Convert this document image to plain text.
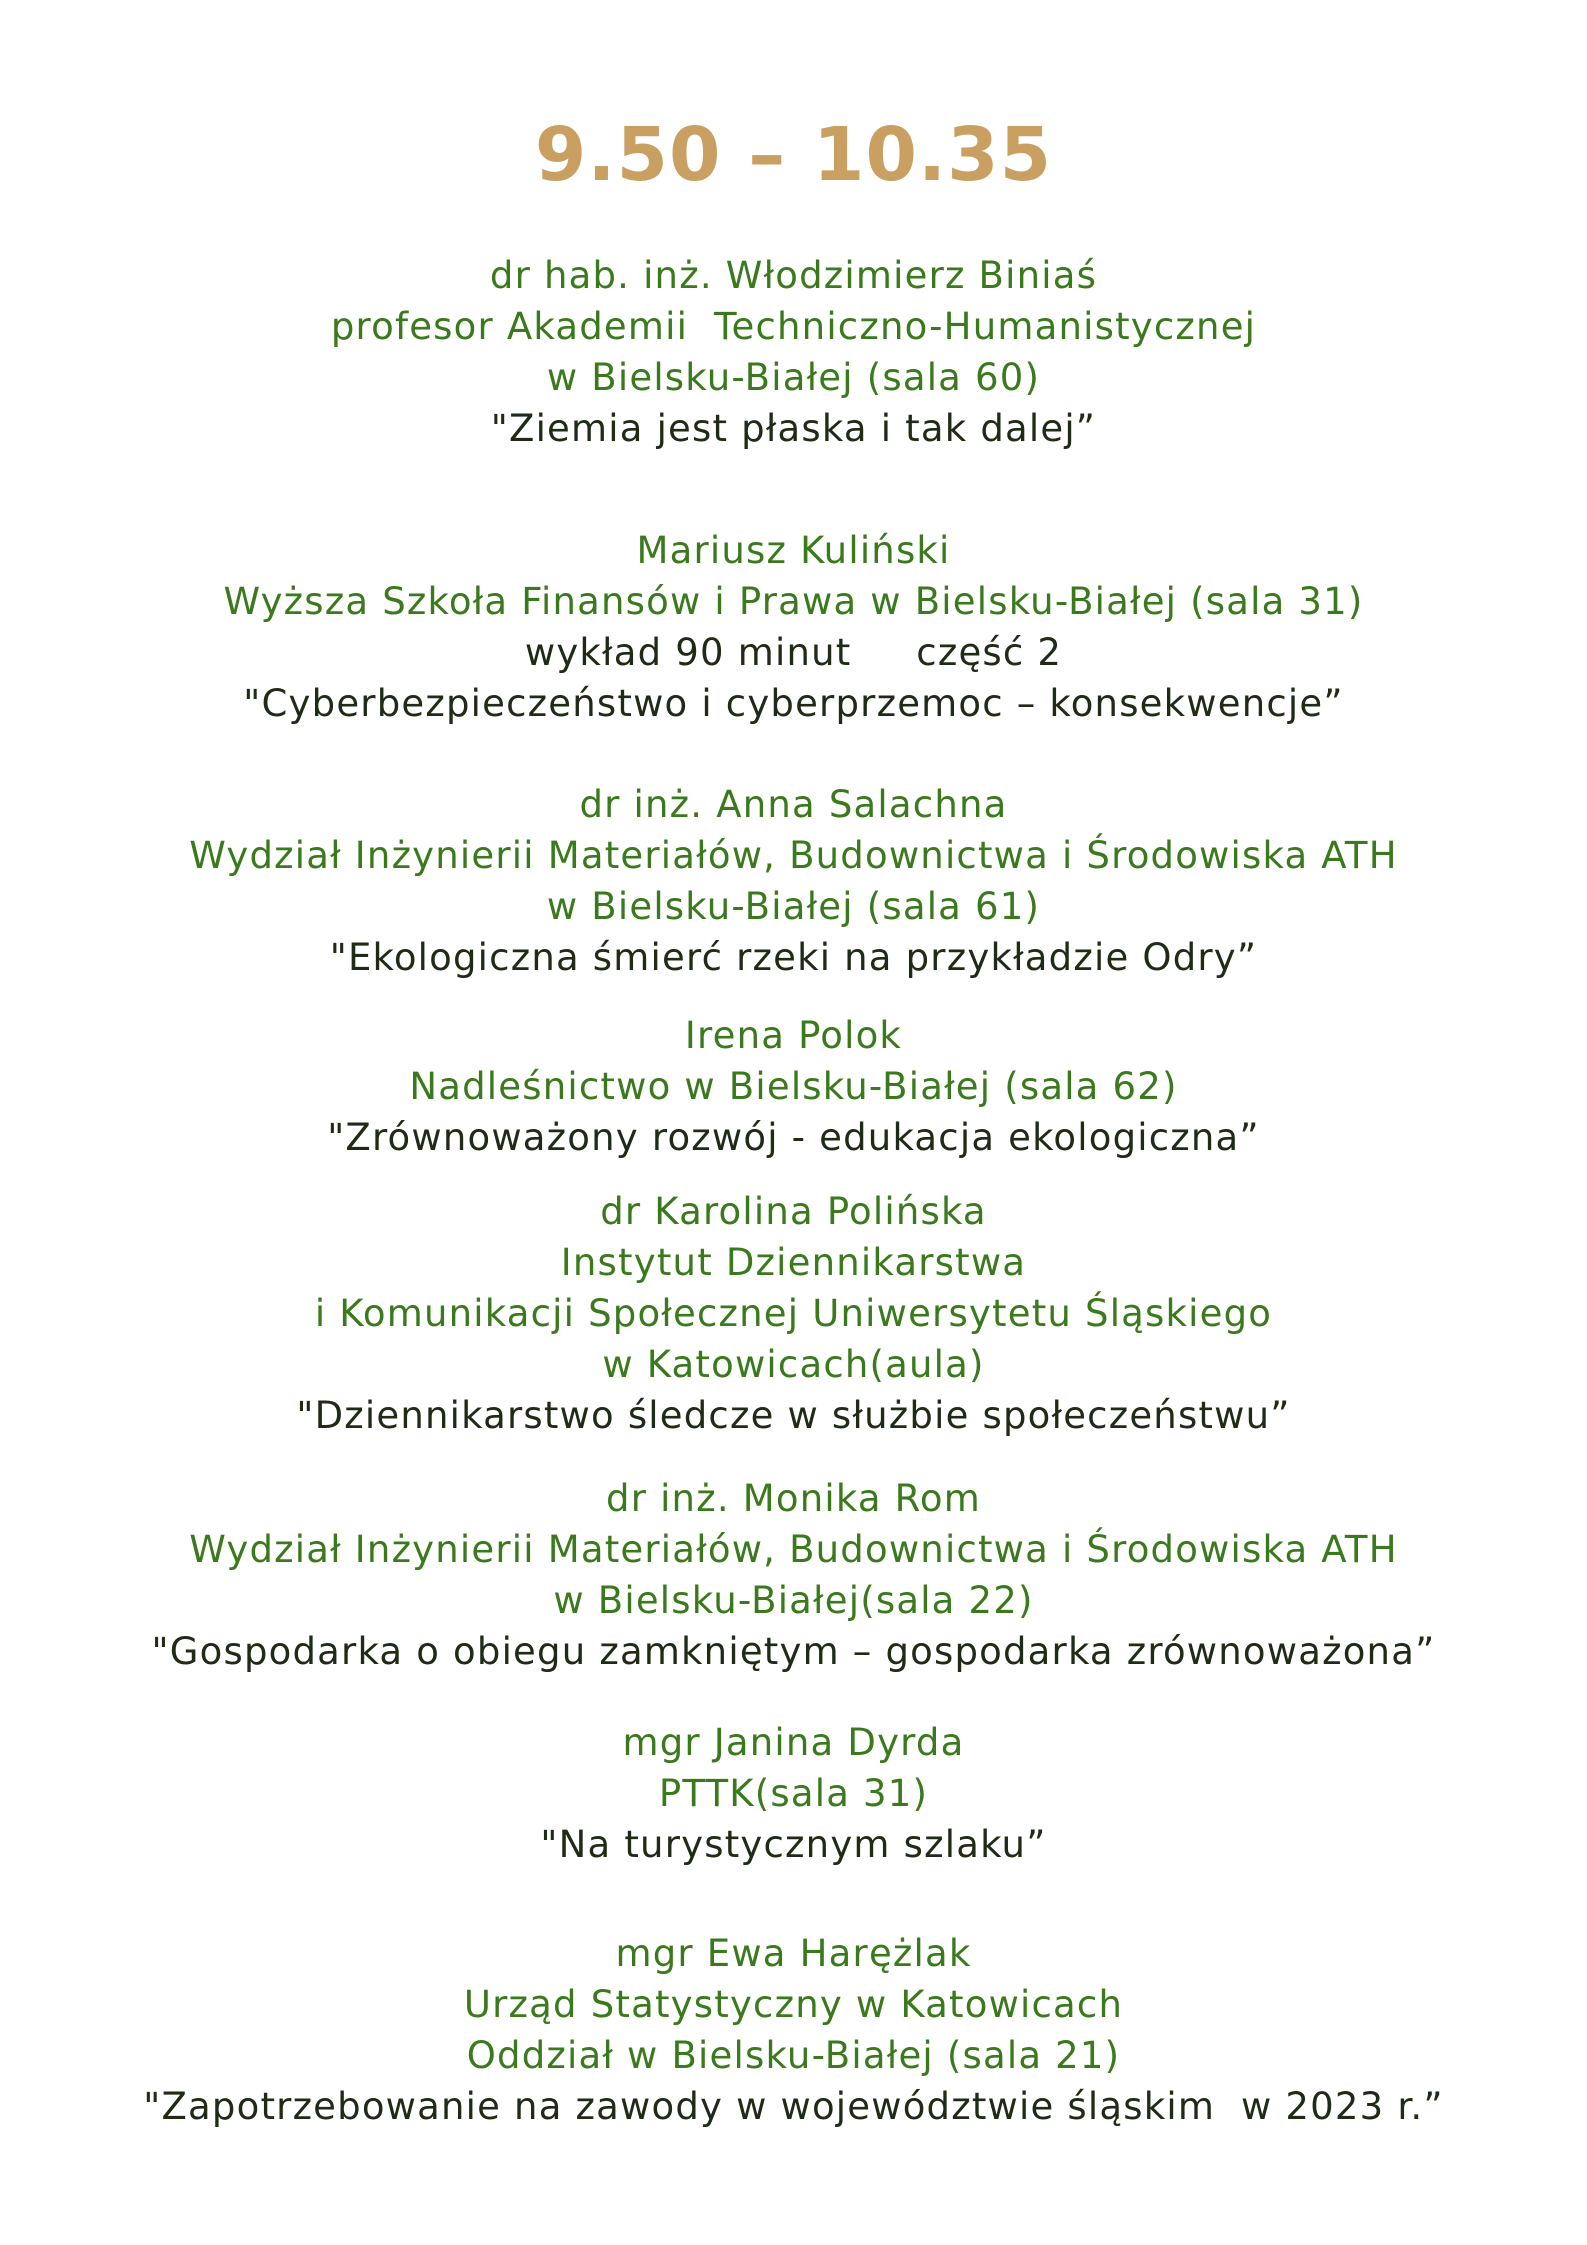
9.50 – 10.35
dr hab. inż. Włodzimierz Biniaś
profesor Akademii  Techniczno-Humanistycznej
w Bielsku-Białej (sala 60)
"Ziemia jest płaska i tak dalej”
Mariusz Kuliński
Wyższa Szkoła Finansów i Prawa w Bielsku-Białej (sala 31)
wykład 90 minut     część 2
"Cyberbezpieczeństwo i cyberprzemoc – konsekwencje”
dr inż. Anna Salachna
Wydział Inżynierii Materiałów, Budownictwa i Środowiska ATH
w Bielsku-Białej (sala 61)
"Ekologiczna śmierć rzeki na przykładzie Odry”
Irena Polok
Nadleśnictwo w Bielsku-Białej (sala 62)
"Zrównoważony rozwój - edukacja ekologiczna”
dr Karolina Polińska
Instytut Dziennikarstwa
i Komunikacji Społecznej Uniwersytetu Śląskiego
w Katowicach(aula)
"Dziennikarstwo śledcze w służbie społeczeństwu”
dr inż. Monika Rom
Wydział Inżynierii Materiałów, Budownictwa i Środowiska ATH
w Bielsku-Białej(sala 22)
"Gospodarka o obiegu zamkniętym – gospodarka zrównoważona”
mgr Janina Dyrda
PTTK(sala 31)
"Na turystycznym szlaku”
mgr Ewa Harężlak
Urząd Statystyczny w Katowicach
Oddział w Bielsku-Białej (sala 21)
"Zapotrzebowanie na zawody w województwie śląskim  w 2023 r.”
